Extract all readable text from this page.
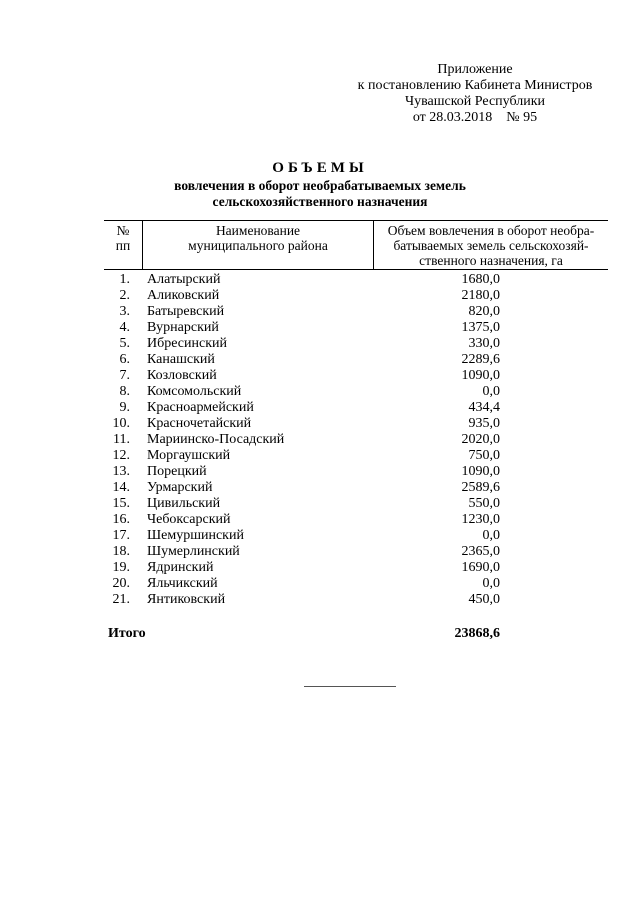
Приложение
к постановлению Кабинета Министров
Чувашской Республики
от 28.03.2018    № 95
ОБЪЕМЫ
вовлечения в оборот необрабатываемых земель
сельскохозяйственного назначения
№
пп

Наименование
муниципального района

Объем вовлечения в оборот необра-
батываемых земель сельскохозяй-
ственного назначения, га
1. Алатырский	1680,0
2. Аликовский	2180,0
3. Батыревский	820,0
4. Вурнарский	1375,0
5. Ибресинский	330,0
6. Канашский	2289,6
7. Козловский	1090,0
8. Комсомольский	0,0
9. Красноармейский	434,4
10. Красночетайский	935,0
11. Мариинско-Посадский	2020,0
12. Моргаушский	750,0
13. Порецкий	1090,0
14. Урмарский	2589,6
15. Цивильский	550,0
16. Чебоксарский	1230,0
17. Шемуршинский	0,0
18. Шумерлинский	2365,0
19. Ядринский	1690,0
20. Яльчикский	0,0
21. Янтиковский	450,0
Итого	23868,6
